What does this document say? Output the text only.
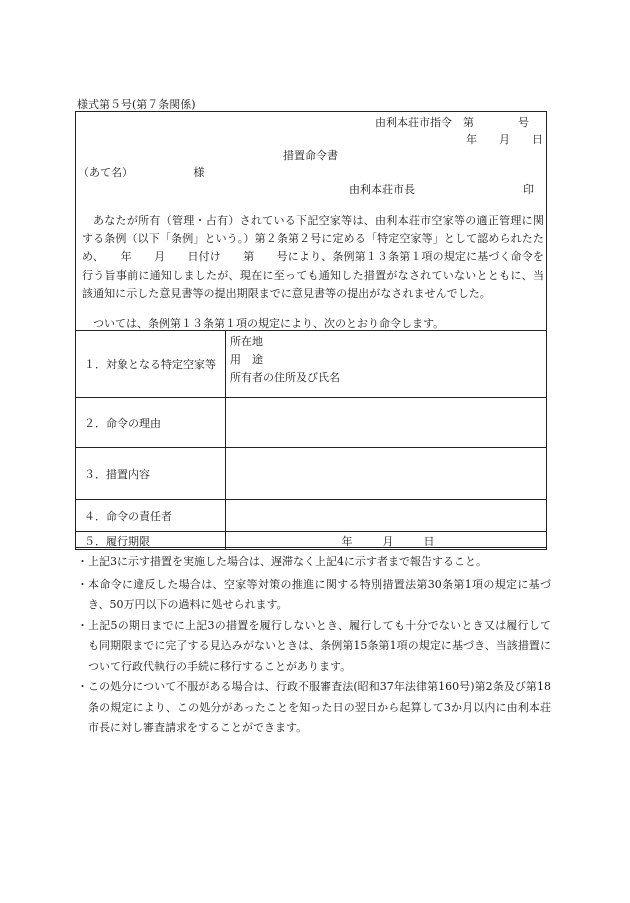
様式第５号(第７条関係)
由利本荘市指令　第　　　　号
年　　月　　日
措置命令書
（あて名）　　　　　　様
由利本荘市長	印
あなたが所有（管理・占有）されている下記空家等は、由利本荘市空家等の適正管理に関する条例（以下「条例」という。）第２条第２号に定める「特定空家等」として認められたため、　　年　　月　　日付け　　第　　号により、条例第１３条第１項の規定に基づく命令を行う旨事前に通知しましたが、現在に至っても通知した措置がなされていないとともに、当該通知に示した意見書等の提出期限までに意見書等の提出がなされませんでした。
ついては、条例第１３条第１項の規定により、次のとおり命令します。
１．対象となる特定空家等	所在地
用　途
所有者の住所及び氏名

２．命令の理由	
３．措置内容	
４．命令の責任者	
５．履行期限	年 月 日
・ 上記3に示す措置を実施した場合は、遅滞なく上記4に示す者まで報告すること。
・ 本命令に違反した場合は、空家等対策の推進に関する特別措置法第30条第1項の規定に基づき、50万円以下の過料に処せられます。
・ 上記5の期日までに上記3の措置を履行しないとき、履行しても十分でないとき又は履行しても同期限までに完了する見込みがないときは、条例第15条第1項の規定に基づき、当該措置について行政代執行の手続に移行することがあります。
・ この処分について不服がある場合は、行政不服審査法(昭和37年法律第160号)第2条及び第18条の規定により、この処分があったことを知った日の翌日から起算して3か月以内に由利本荘市長に対し審査請求をすることができます。
